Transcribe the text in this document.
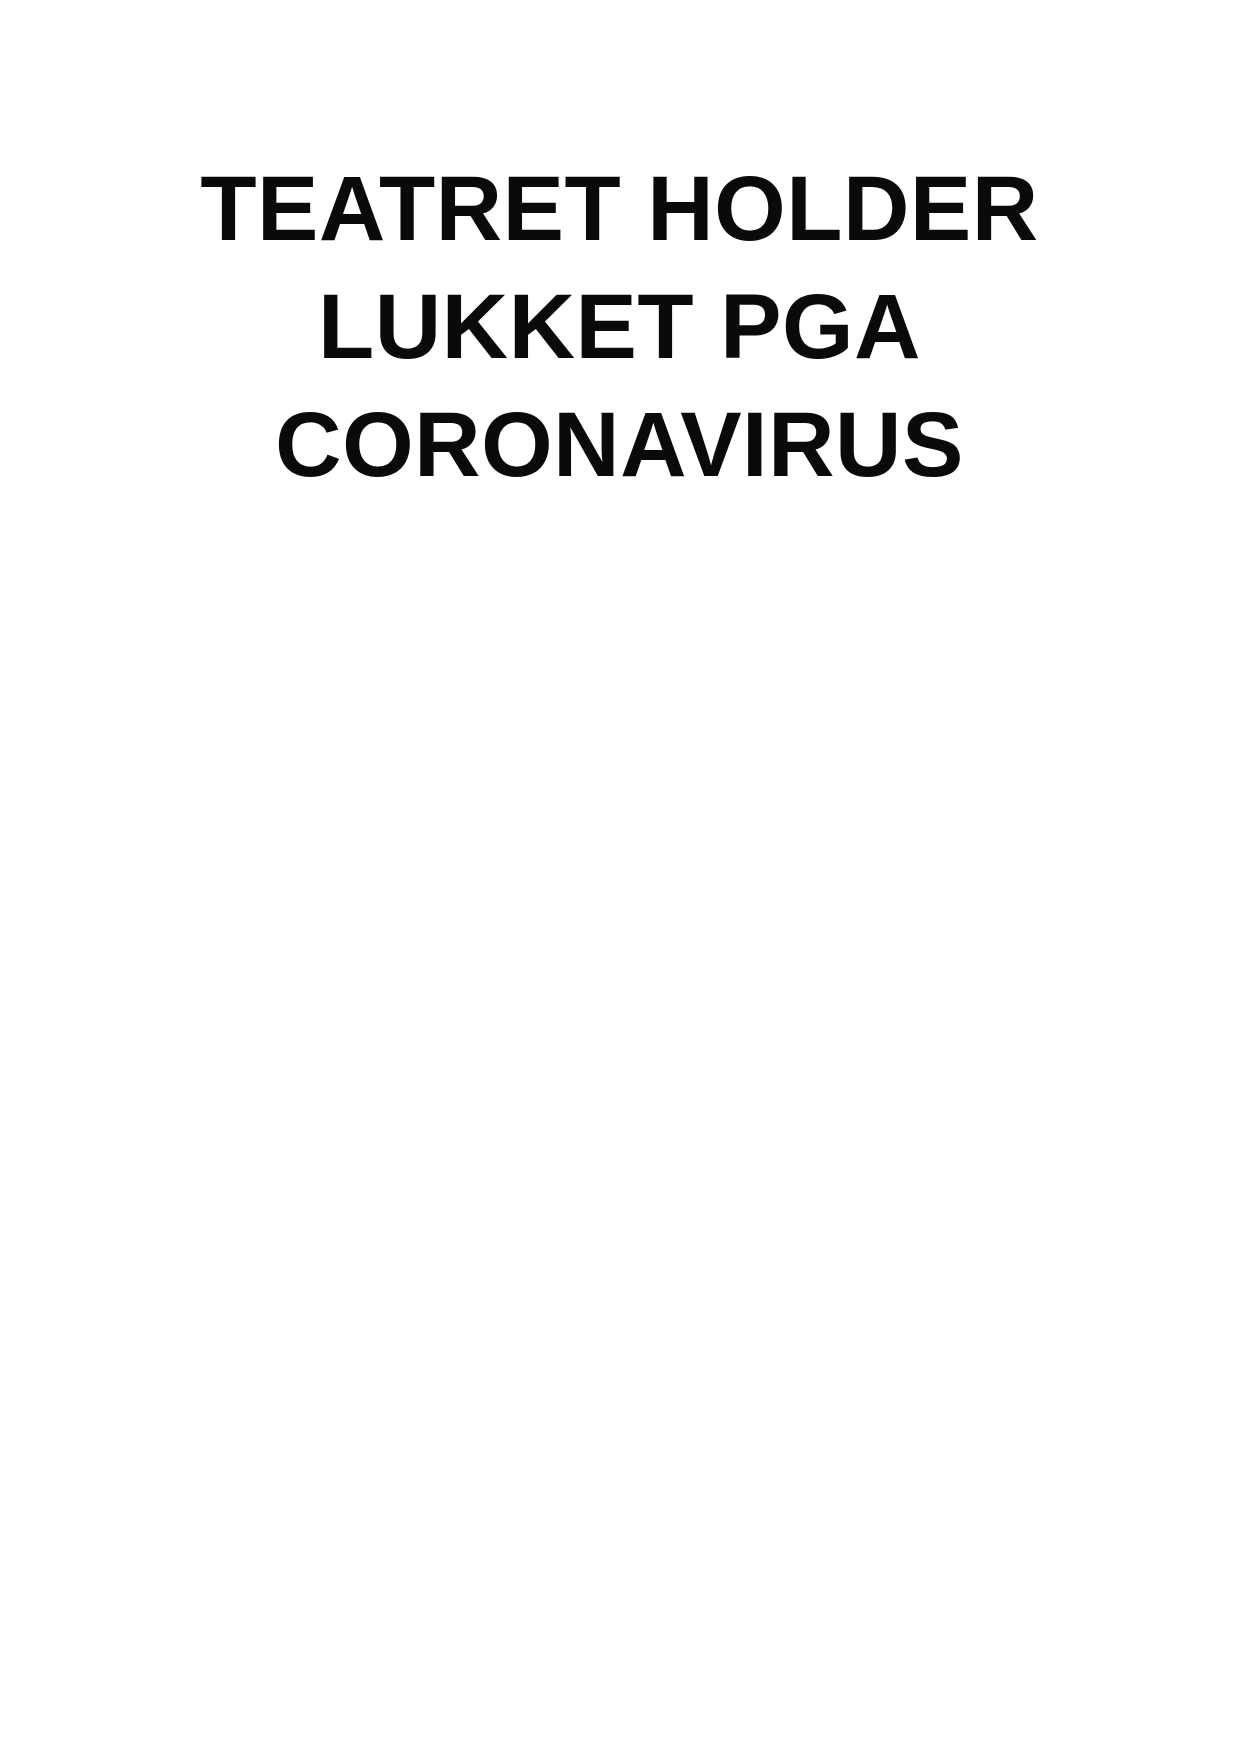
TEATRET HOLDER
LUKKET PGA
CORONAVIRUS
